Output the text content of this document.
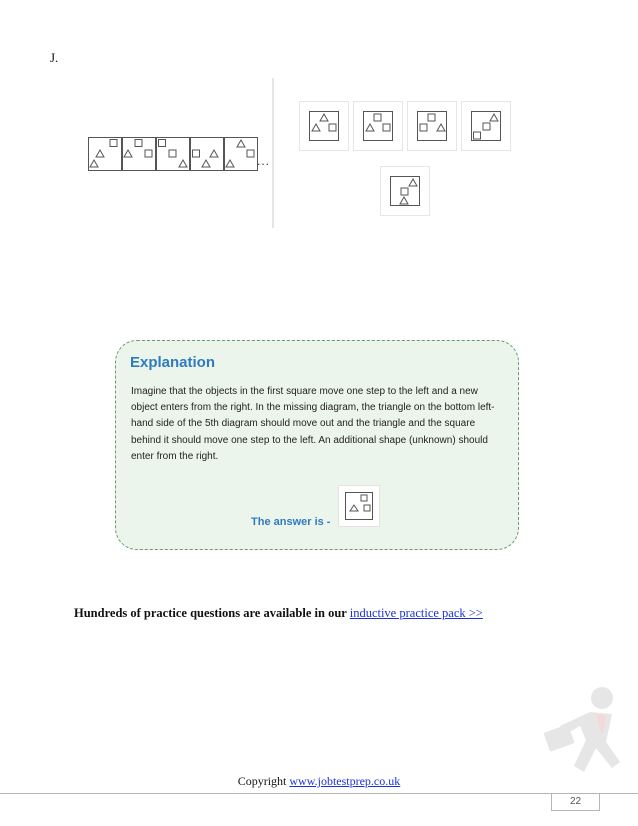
J.
...
Explanation
Imagine that the objects in the first square move one step to the left and a new object enters from the right. In the missing diagram, the triangle on the bottom left-hand side of the 5th diagram should move out and the triangle and the square behind it should move one step to the left. An additional shape (unknown) should enter from the right.
The answer is -
Hundreds of practice questions are available in our inductive practice pack >>
Copyright www.jobtestprep.co.uk
22
